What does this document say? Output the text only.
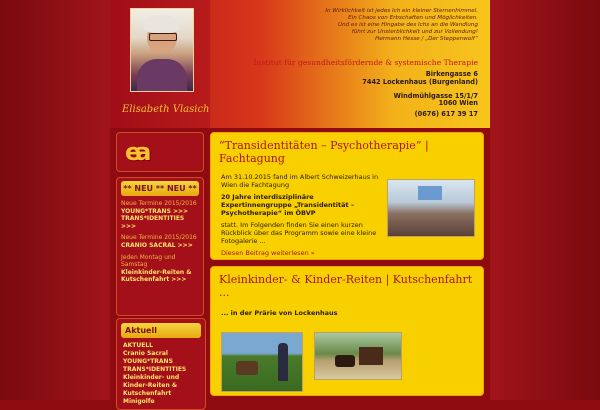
Elisabeth Vlasich
In Wirklichkeit ist jedes Ich ein kleiner Sternenhimmel.
Ein Chaos von Erbschaften und Möglichkeiten.
Und es ist eine Hingabe des Ichs an die Wandlung
führt zur Unsterblichkeit und zur Vollendung!
Hermann Hesse / „Der Steppenwolf“
Institut für gesundheitsfördernde & systemische Therapie
Birkengasse 6
7442 Lockenhaus (Burgenland)
Windmühlgasse 15/1/7
1060 Wien
(0676) 617 39 17
ea
** NEU ** NEU **
Neue Termine 2015/2016
YOUNG*TRANS >>> TRANS*IDENTITIES >>>
Neue Termine 2015/2016
CRANIO SACRAL >>>
Jeden Montag und Samstag
Kleinkinder-Reiten & Kutschenfahrt >>>
Aktuell
AKTUELL
Cranio Sacral
YOUNG*TRANS
TRANS*IDENTITIES
Kleinkinder- und
Kinder-Reiten & Kutschenfahrt
Minigolfe
“Transidentitäten – Psychotherapie” | Fachtagung
Am 31.10.2015 fand im Albert Schweizerhaus in Wien die Fachtagung
20 Jahre interdisziplinäre Expertinnengruppe „Transidentität – Psychotherapie“ im ÖBVP
statt. Im Folgenden finden Sie einen kurzen Rückblick über das Programm sowie eine kleine Fotogalerie ...
Diesen Beitrag weiterlesen »
Kleinkinder- & Kinder-Reiten | Kutschenfahrt ...
... in der Prärie von Lockenhaus
